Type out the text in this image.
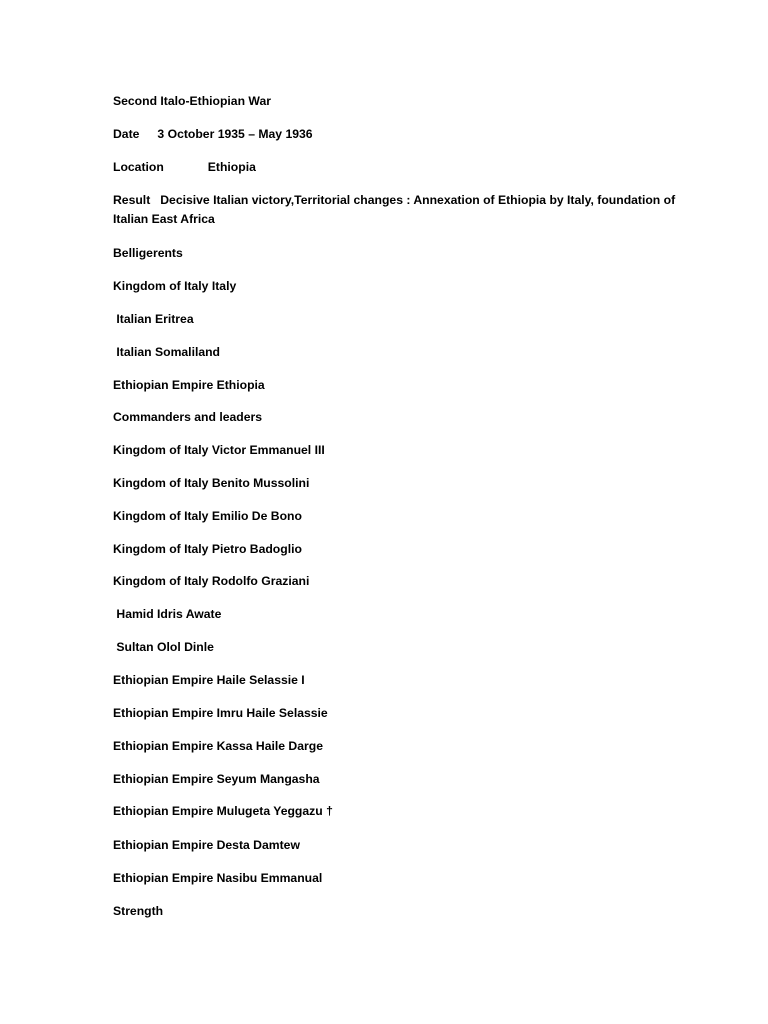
Second Italo-Ethiopian War
Date 3 October 1935 – May 1936
Location	Ethiopia
Result Decisive Italian victory,Territorial changes : Annexation of Ethiopia by Italy, foundation of
Italian East Africa
Belligerents
Kingdom of Italy Italy
Italian Eritrea
Italian Somaliland
Ethiopian Empire Ethiopia
Commanders and leaders
Kingdom of Italy Victor Emmanuel III
Kingdom of Italy Benito Mussolini
Kingdom of Italy Emilio De Bono
Kingdom of Italy Pietro Badoglio
Kingdom of Italy Rodolfo Graziani
Hamid Idris Awate
Sultan Olol Dinle
Ethiopian Empire Haile Selassie I
Ethiopian Empire Imru Haile Selassie
Ethiopian Empire Kassa Haile Darge
Ethiopian Empire Seyum Mangasha
Ethiopian Empire Mulugeta Yeggazu †
Ethiopian Empire Desta Damtew
Ethiopian Empire Nasibu Emmanual
Strength
